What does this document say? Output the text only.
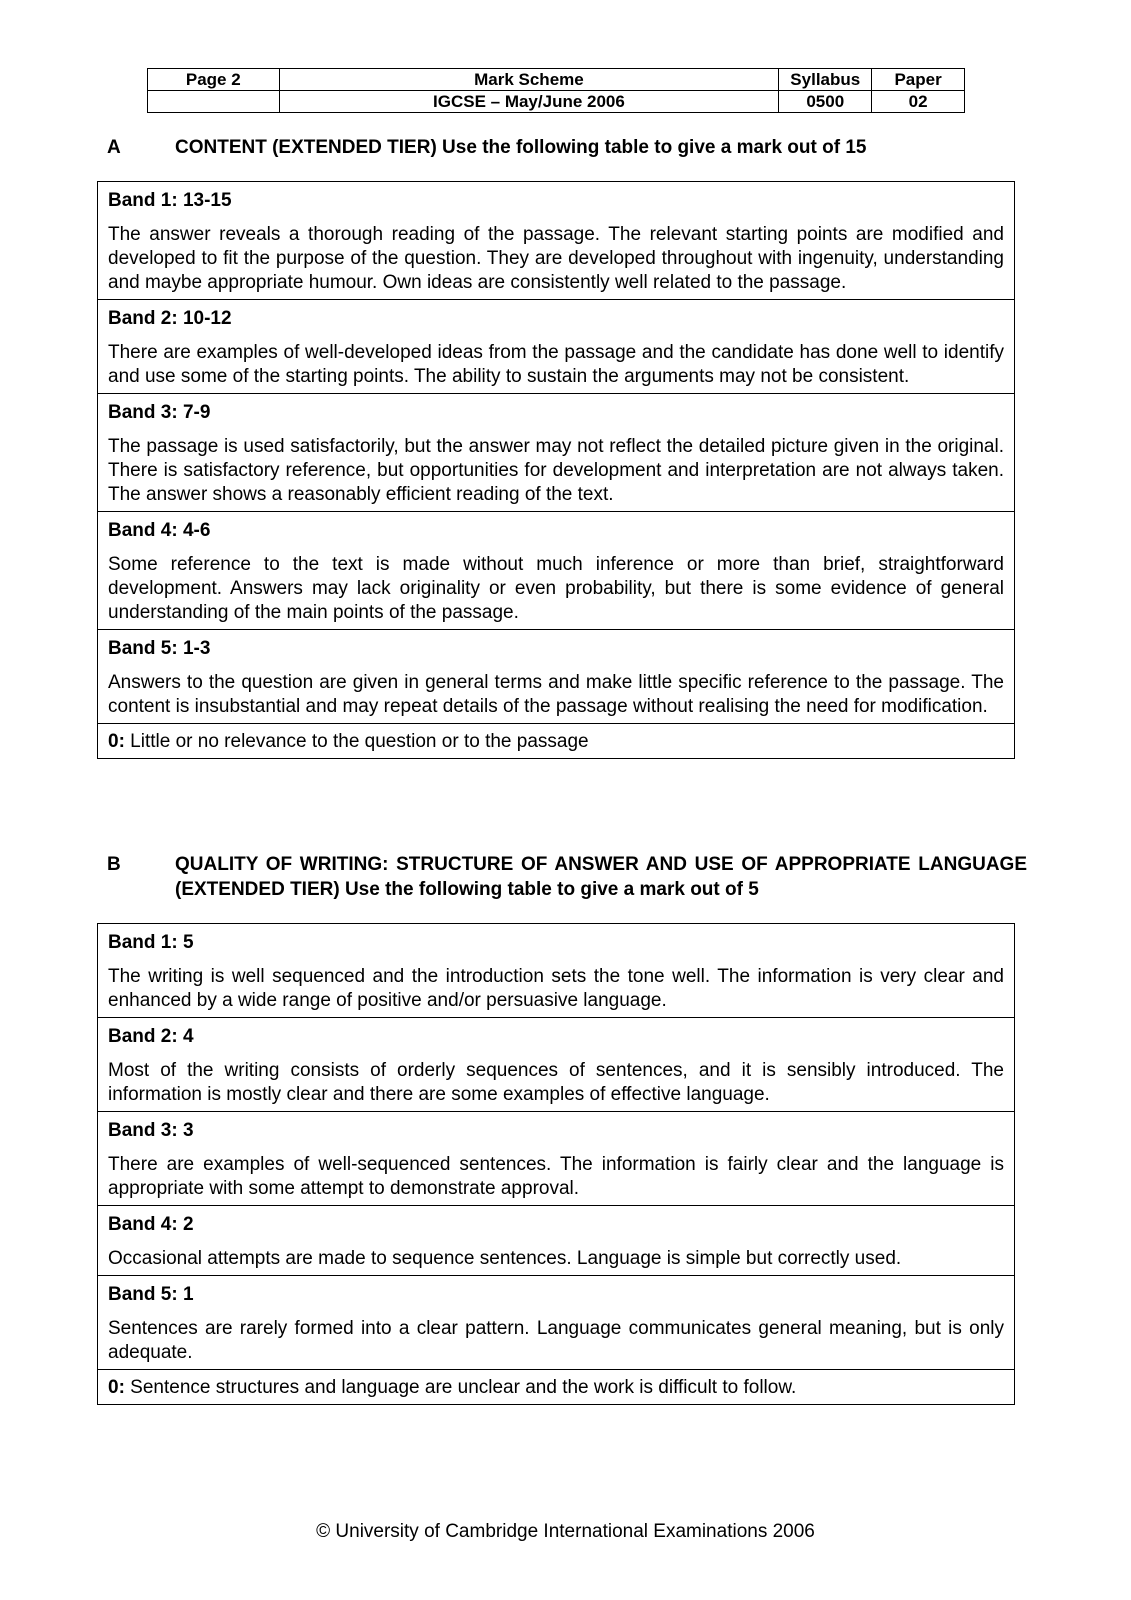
Page 2	Mark Scheme	Syllabus	Paper
	IGCSE – May/June 2006	0500	02
A	CONTENT (EXTENDED TIER) Use the following table to give a mark out of 15
Band 1: 13-15
The answer reveals a thorough reading of the passage. The relevant starting points are modified and developed to fit the purpose of the question. They are developed throughout with ingenuity, understanding and maybe appropriate humour. Own ideas are consistently well related to the passage.
Band 2: 10-12
There are examples of well-developed ideas from the passage and the candidate has done well to identify and use some of the starting points. The ability to sustain the arguments may not be consistent.
Band 3: 7-9
The passage is used satisfactorily, but the answer may not reflect the detailed picture given in the original. There is satisfactory reference, but opportunities for development and interpretation are not always taken. The answer shows a reasonably efficient reading of the text.
Band 4: 4-6
Some reference to the text is made without much inference or more than brief, straightforward development. Answers may lack originality or even probability, but there is some evidence of general understanding of the main points of the passage.
Band 5: 1-3
Answers to the question are given in general terms and make little specific reference to the passage. The content is insubstantial and may repeat details of the passage without realising the need for modification.
0: Little or no relevance to the question or to the passage
B	QUALITY OF WRITING: STRUCTURE OF ANSWER AND USE OF APPROPRIATE LANGUAGE (EXTENDED TIER) Use the following table to give a mark out of 5
Band 1: 5
The writing is well sequenced and the introduction sets the tone well. The information is very clear and enhanced by a wide range of positive and/or persuasive language.
Band 2: 4
Most of the writing consists of orderly sequences of sentences, and it is sensibly introduced. The information is mostly clear and there are some examples of effective language.
Band 3: 3
There are examples of well-sequenced sentences. The information is fairly clear and the language is appropriate with some attempt to demonstrate approval.
Band 4: 2
Occasional attempts are made to sequence sentences. Language is simple but correctly used.
Band 5: 1
Sentences are rarely formed into a clear pattern. Language communicates general meaning, but is only adequate.
0: Sentence structures and language are unclear and the work is difficult to follow.
© University of Cambridge International Examinations 2006
